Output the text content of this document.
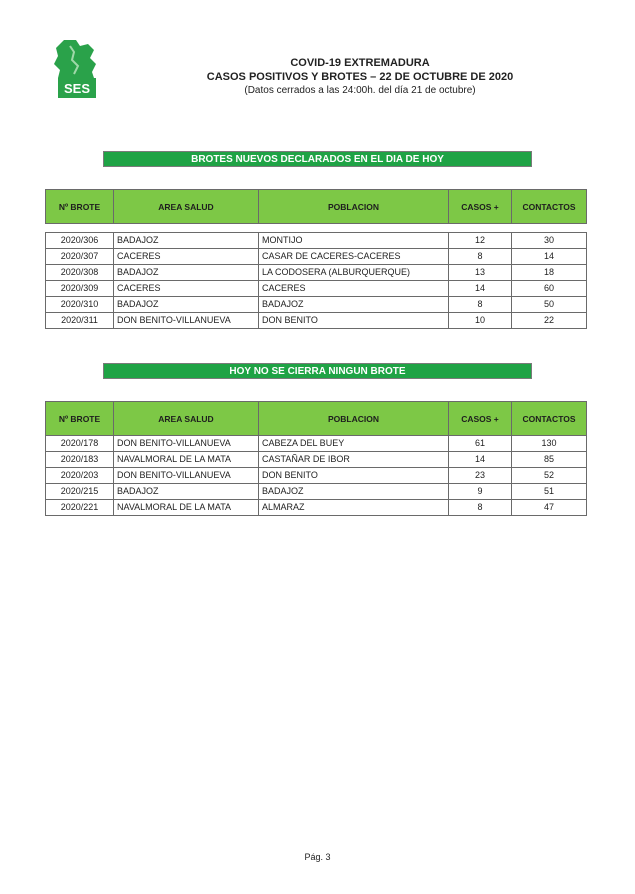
SES
COVID-19 EXTREMADURA
CASOS POSITIVOS Y BROTES – 22 DE OCTUBRE DE 2020
(Datos cerrados a las 24:00h. del día 21 de octubre)
BROTES NUEVOS DECLARADOS EN EL DIA DE HOY
Nº BROTE	AREA SALUD	POBLACION	CASOS +	CONTACTOS

2020/306	BADAJOZ	MONTIJO	12	30
2020/307	CACERES	CASAR DE CACERES-CACERES	8	14
2020/308	BADAJOZ	LA CODOSERA (ALBURQUERQUE)	13	18
2020/309	CACERES	CACERES	14	60
2020/310	BADAJOZ	BADAJOZ	8	50
2020/311	DON BENITO-VILLANUEVA	DON BENITO	10	22
HOY NO SE CIERRA NINGUN BROTE
Nº BROTE	AREA SALUD	POBLACION	CASOS +	CONTACTOS
2020/178	DON BENITO-VILLANUEVA	CABEZA DEL BUEY	61	130
2020/183	NAVALMORAL DE LA MATA	CASTAÑAR DE IBOR	14	85
2020/203	DON BENITO-VILLANUEVA	DON BENITO	23	52
2020/215	BADAJOZ	BADAJOZ	9	51
2020/221	NAVALMORAL DE LA MATA	ALMARAZ	8	47
Pág. 3
